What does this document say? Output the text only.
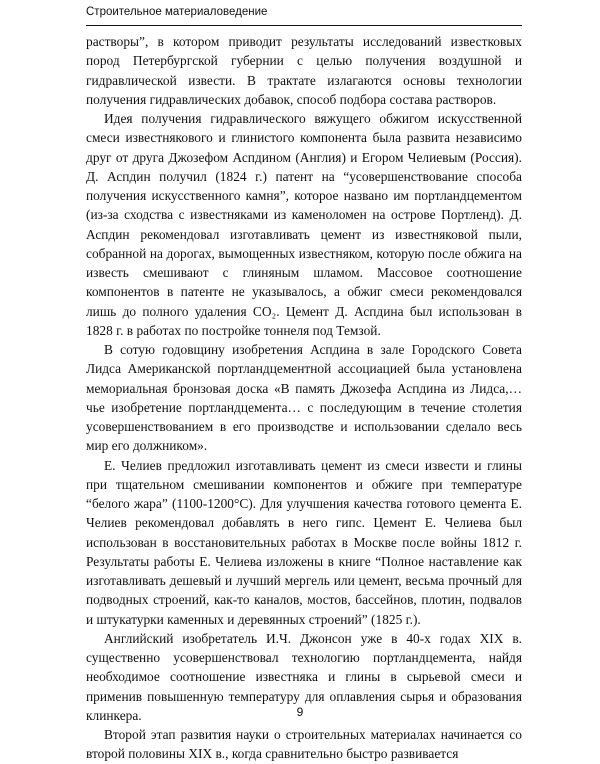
Строительное материаловедение

растворы”, в котором приводит результаты исследований известковых пород Петербургской губернии с целью получения воздушной и гидравлической извести. В трактате излагаются основы технологии получения гидравлических добавок, способ подбора состава растворов.

Идея получения гидравлического вяжущего обжигом искусственной смеси известнякового и глинистого компонента была развита независимо друг от друга Джозефом Аспдином (Англия) и Егором Челиевым (Россия). Д. Аспдин получил (1824 г.) патент на “усовершенствование способа получения искусственного камня”, которое названо им портландцементом (из-за сходства с известняками из каменоломен на острове Портленд). Д. Аспдин рекомендовал изготавливать цемент из известняковой пыли, собранной на дорогах, вымощенных известняком, которую после обжига на известь смешивают с глиняным шламом. Массовое соотношение компонентов в патенте не указывалось, а обжиг смеси рекомендовался лишь до полного удаления CO₂. Цемент Д. Аспдина был использован в 1828 г. в работах по постройке тоннеля под Темзой.

В сотую годовщину изобретения Аспдина в зале Городского Совета Лидса Американской портландцементной ассоциацией была установлена мемориальная бронзовая доска «В память Джозефа Аспдина из Лидса,… чье изобретение портландцемента… с последующим в течение столетия усовершенствованием в его производстве и использовании сделало весь мир его должником».

Е. Челиев предложил изготавливать цемент из смеси извести и глины при тщательном смешивании компонентов и обжиге при температуре “белого жара” (1100-1200°С). Для улучшения качества готового цемента Е. Челиев рекомендовал добавлять в него гипс. Цемент Е. Челиева был использован в восстановительных работах в Москве после войны 1812 г. Результаты работы Е. Челиева изложены в книге “Полное наставление как изготавливать дешевый и лучший мергель или цемент, весьма прочный для подводных строений, как-то каналов, мостов, бассейнов, плотин, подвалов и штукатурки каменных и деревянных строений” (1825 г.).

Английский изобретатель И.Ч. Джонсон уже в 40-х годах XIX в. существенно усовершенствовал технологию портландцемента, найдя необходимое соотношение известняка и глины в сырьевой смеси и применив повышенную температуру для оплавления сырья и образования клинкера.

Второй этап развития науки о строительных материалах начинается со второй половины XIX в., когда сравнительно быстро развивается

9
